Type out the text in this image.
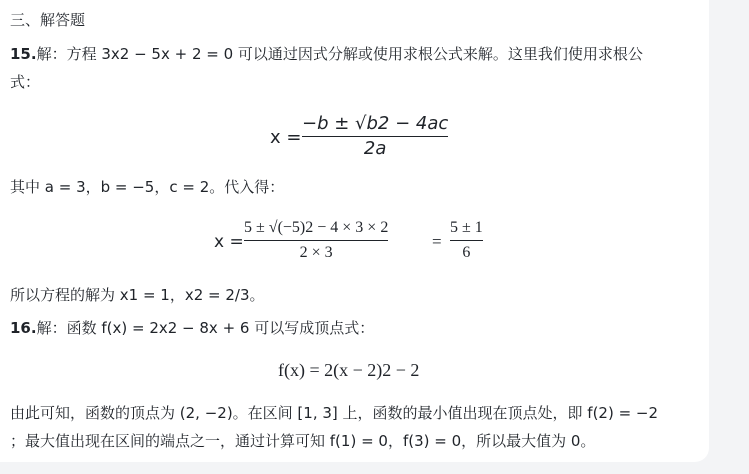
三、解答题
15.解：方程 3x2 − 5x + 2 = 0 可以通过因式分解或使用求根公式来解。这里我们使用求根公
式：
x =
−b ± √b2 − 4ac
2a
其中 a = 3，b = −5，c = 2。代入得：
x =
5 ± √(−5)2 − 4 × 3 × 2
2 × 3
=
5 ± 1
6
所以方程的解为 x1 = 1，x2 = 2/3。
16.解：函数 f(x) = 2x2 − 8x + 6 可以写成顶点式：
f(x) = 2(x − 2)2 − 2
由此可知，函数的顶点为 (2, −2)。在区间 [1, 3] 上，函数的最小值出现在顶点处，即 f(2) = −2
；最大值出现在区间的端点之一，通过计算可知 f(1) = 0，f(3) = 0，所以最大值为 0。
